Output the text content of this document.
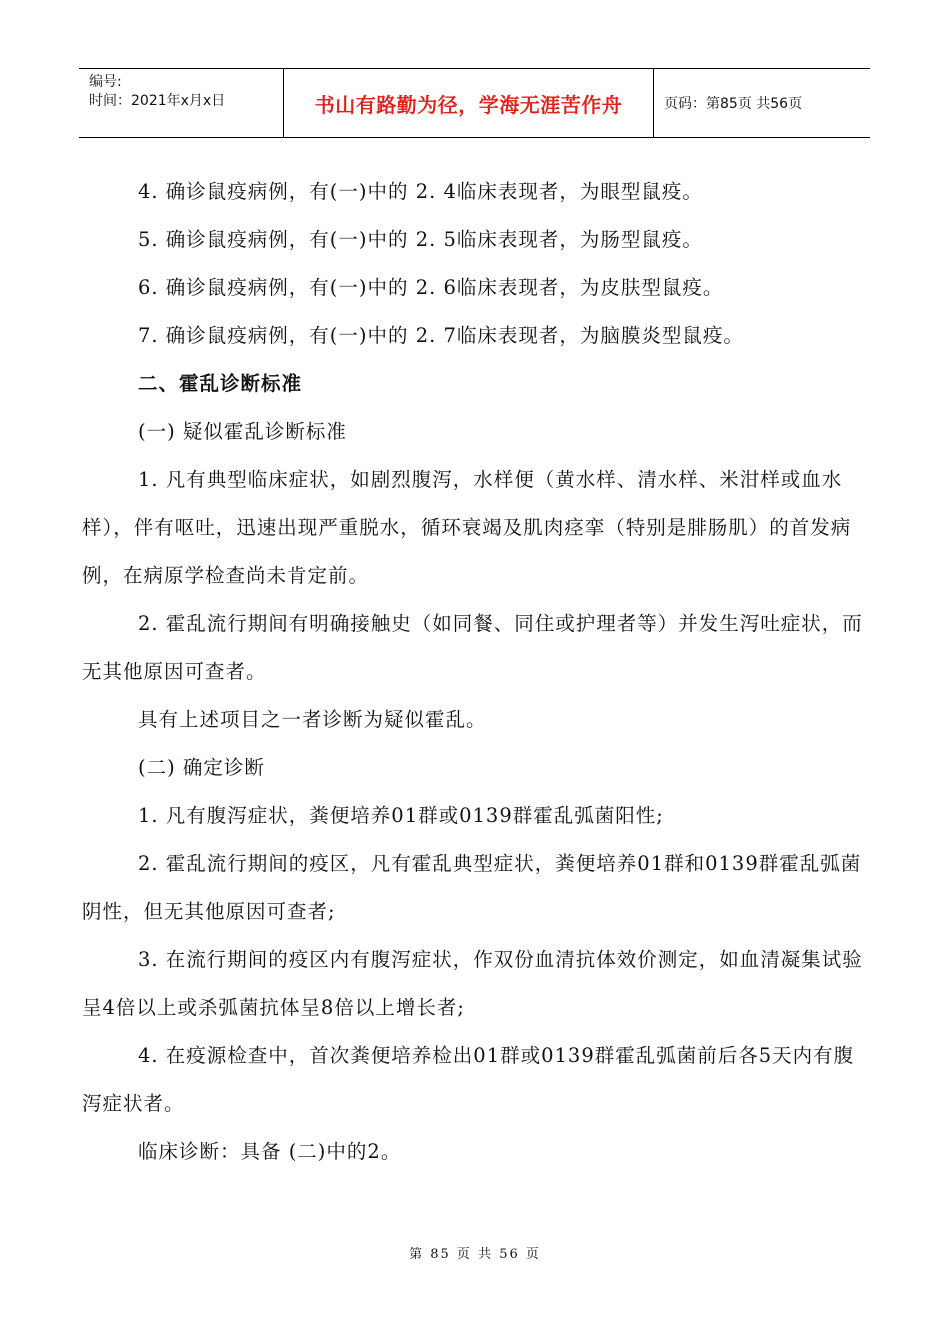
编号:
时间：2021年x月x日	书山有路勤为径，学海无涯苦作舟	页码：第85页 共56页

4. 确诊鼠疫病例，有(一)中的 2. 4临床表现者，为眼型鼠疫。

5. 确诊鼠疫病例，有(一)中的 2. 5临床表现者，为肠型鼠疫。

6. 确诊鼠疫病例，有(一)中的 2. 6临床表现者，为皮肤型鼠疫。

7. 确诊鼠疫病例，有(一)中的 2. 7临床表现者，为脑膜炎型鼠疫。

二、霍乱诊断标准

(一) 疑似霍乱诊断标准

1. 凡有典型临床症状，如剧烈腹泻，水样便（黄水样、清水样、米泔样或血水样），伴有呕吐，迅速出现严重脱水，循环衰竭及肌肉痉挛（特别是腓肠肌）的首发病例，在病原学检查尚未肯定前。

2. 霍乱流行期间有明确接触史（如同餐、同住或护理者等）并发生泻吐症状，而无其他原因可查者。

具有上述项目之一者诊断为疑似霍乱。

(二) 确定诊断

1. 凡有腹泻症状，粪便培养01群或0139群霍乱弧菌阳性;

2. 霍乱流行期间的疫区，凡有霍乱典型症状，粪便培养01群和0139群霍乱弧菌阴性，但无其他原因可查者;

3. 在流行期间的疫区内有腹泻症状，作双份血清抗体效价测定，如血清凝集试验呈4倍以上或杀弧菌抗体呈8倍以上增长者;

4. 在疫源检查中，首次粪便培养检出01群或0139群霍乱弧菌前后各5天内有腹泻症状者。

临床诊断：具备 (二)中的2。

第 85 页 共 56 页
